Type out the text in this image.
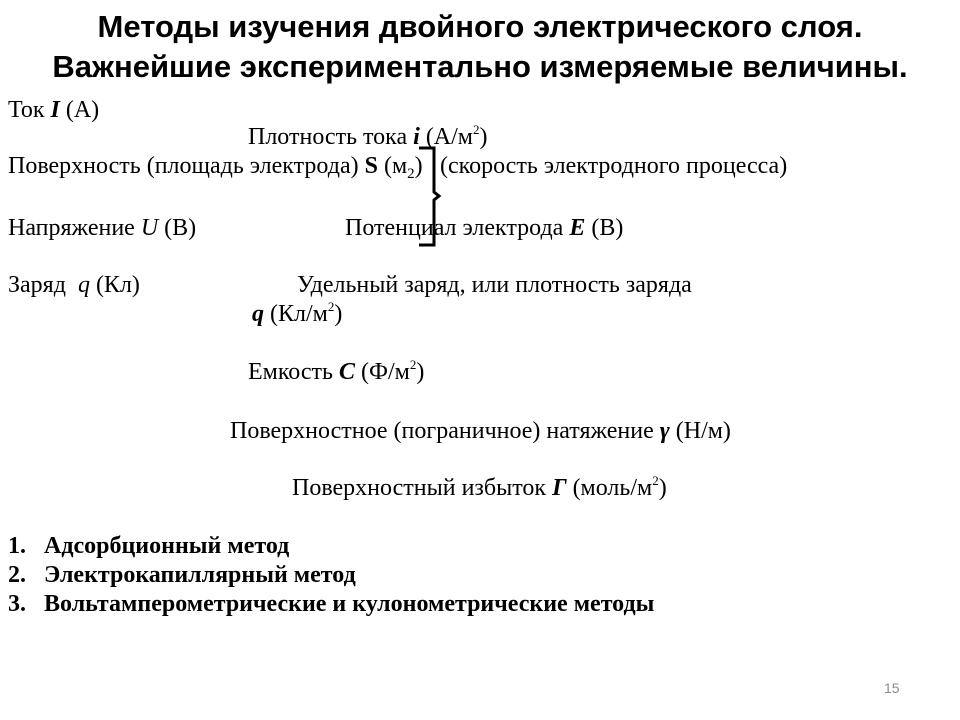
Методы изучения двойного электрического слоя.
Важнейшие экспериментально измеряемые величины.
Ток I (А)
Плотность тока i $(А/м^2)$
Поверхность (площадь электрода) S $(м_2)$ (скорость электродного процесса)
Напряжение U (В)	Потенциал электрода E (В)
Заряд q (Кл)	Удельный заряд, или плотность заряда
q $(Кл/м^2)$
Емкость C $(Ф/м^2)$
Поверхностное (пограничное) натяжение γ (Н/м)
Поверхностный избыток Г $(моль/м^2)$
1. Адсорбционный метод
2. Электрокапиллярный метод
3. Вольтамперометрические и кулонометрические методы
15
